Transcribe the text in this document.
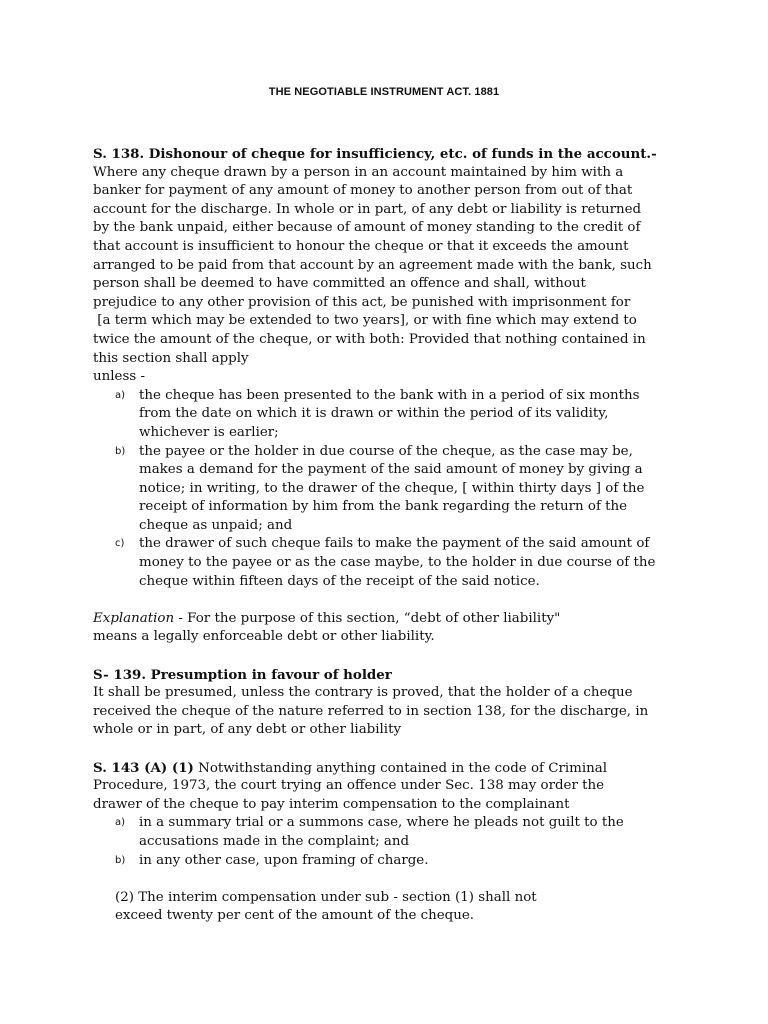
THE NEGOTIABLE INSTRUMENT ACT. 1881
S. 138. Dishonour of cheque for insufficiency, etc. of funds in the account.-
Where any cheque drawn by a person in an account maintained by him with a
banker for payment of any amount of money to another person from out of that
account for the discharge. In whole or in part, of any debt or liability is returned
by the bank unpaid, either because of amount of money standing to the credit of
that account is insufficient to honour the cheque or that it exceeds the amount
arranged to be paid from that account by an agreement made with the bank, such
person shall be deemed to have committed an offence and shall, without
prejudice to any other provision of this act, be punished with imprisonment for
[a term which may be extended to two years], or with fine which may extend to
twice the amount of the cheque, or with both: Provided that nothing contained in
this section shall apply
unless -
a) the cheque has been presented to the bank with in a period of six months
from the date on which it is drawn or within the period of its validity,
whichever is earlier;
b) the payee or the holder in due course of the cheque, as the case may be,
makes a demand for the payment of the said amount of money by giving a
notice; in writing, to the drawer of the cheque, [ within thirty days ] of the
receipt of information by him from the bank regarding the return of the
cheque as unpaid; and
c) the drawer of such cheque fails to make the payment of the said amount of
money to the payee or as the case maybe, to the holder in due course of the
cheque within fifteen days of the receipt of the said notice.
Explanation - For the purpose of this section, “debt of other liability"
means a legally enforceable debt or other liability.
S- 139. Presumption in favour of holder
It shall be presumed, unless the contrary is proved, that the holder of a cheque
received the cheque of the nature referred to in section 138, for the discharge, in
whole or in part, of any debt or other liability
S. 143 (A) (1) Notwithstanding anything contained in the code of Criminal
Procedure, 1973, the court trying an offence under Sec. 138 may order the
drawer of the cheque to pay interim compensation to the complainant
a) in a summary trial or a summons case, where he pleads not guilt to the
accusations made in the complaint; and
b) in any other case, upon framing of charge.
(2) The interim compensation under sub - section (1) shall not
exceed twenty per cent of the amount of the cheque.
